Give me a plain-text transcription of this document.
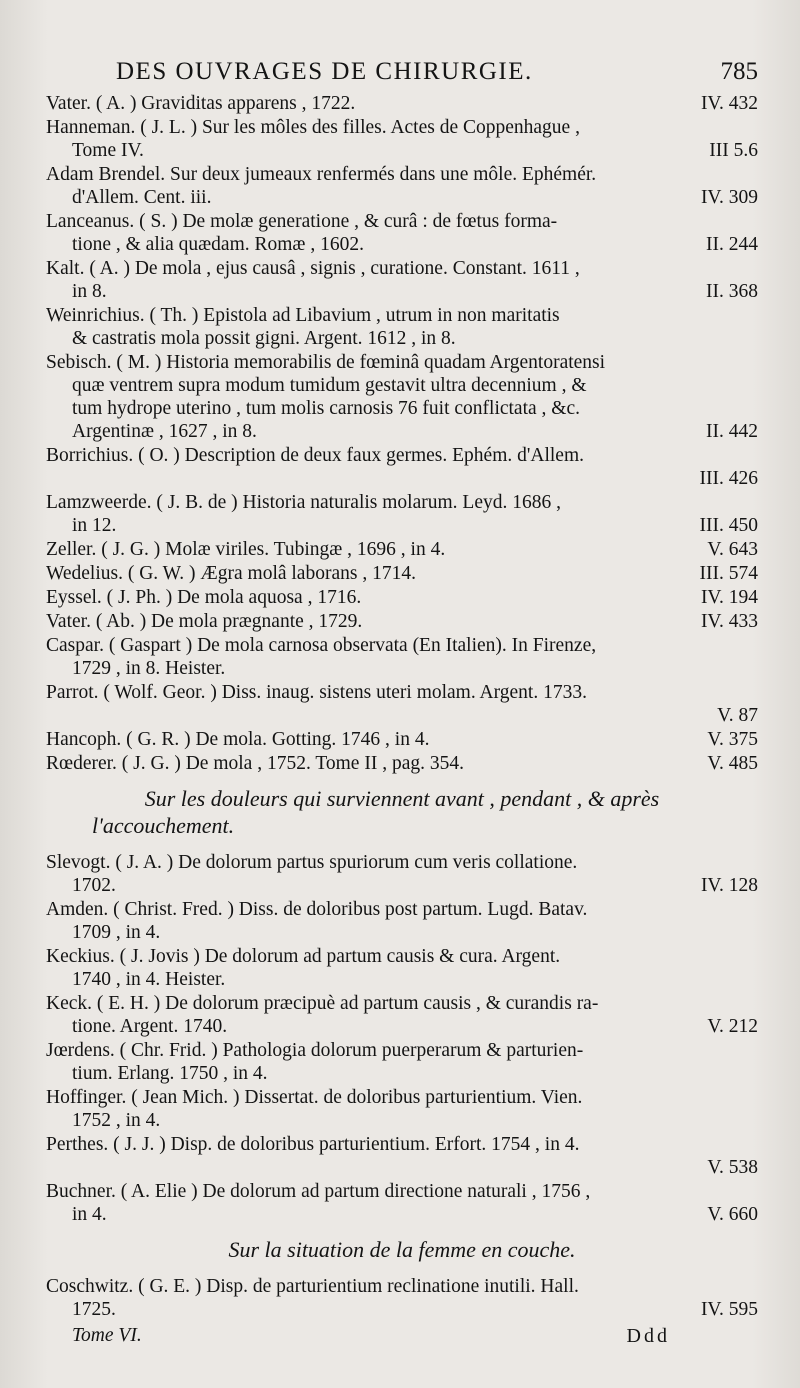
DES OUVRAGES DE CHIRURGIE.	785
Vater. ( A. ) Graviditas apparens , 1722.	IV. 432
Hanneman. ( J. L. ) Sur les môles des filles. Actes de Coppenhague ,
Tome IV.	III 5.6
Adam Brendel. Sur deux jumeaux renfermés dans une môle. Ephémér.
d'Allem. Cent. iii.	IV. 309
Lanceanus. ( S. ) De molæ generatione , & curâ : de fœtus forma-
tione , & alia quædam. Romæ , 1602.	II. 244
Kalt. ( A. ) De mola , ejus causâ , signis , curatione. Constant. 1611 ,
in 8.	II. 368
Weinrichius. ( Th. ) Epistola ad Libavium , utrum in non maritatis
& castratis mola possit gigni. Argent. 1612 , in 8.
Sebisch. ( M. ) Historia memorabilis de fœminâ quadam Argentoratensi
quæ ventrem supra modum tumidum gestavit ultra decennium , &
tum hydrope uterino , tum molis carnosis 76 fuit conflictata , &c.
Argentinæ , 1627 , in 8.	II. 442
Borrichius. ( O. ) Description de deux faux germes. Ephém. d'Allem.
III. 426
Lamzweerde. ( J. B. de ) Historia naturalis molarum. Leyd. 1686 ,
in 12.	III. 450
Zeller. ( J. G. ) Molæ viriles. Tubingæ , 1696 , in 4.	V. 643
Wedelius. ( G. W. ) Ægra molâ laborans , 1714.	III. 574
Eyssel. ( J. Ph. ) De mola aquosa , 1716.	IV. 194
Vater. ( Ab. ) De mola prægnante , 1729.	IV. 433
Caspar. ( Gaspart ) De mola carnosa observata (En Italien). In Firenze,
1729 , in 8. Heister.
Parrot. ( Wolf. Geor. ) Diss. inaug. sistens uteri molam. Argent. 1733.
V. 87
Hancoph. ( G. R. ) De mola. Gotting. 1746 , in 4.	V. 375
Rœderer. ( J. G. ) De mola , 1752. Tome II , pag. 354.	V. 485
Sur les douleurs qui surviennent avant , pendant , & après
l'accouchement.
Slevogt. ( J. A. ) De dolorum partus spuriorum cum veris collatione.
1702.	IV. 128
Amden. ( Christ. Fred. ) Diss. de doloribus post partum. Lugd. Batav.
1709 , in 4.
Keckius. ( J. Jovis ) De dolorum ad partum causis & cura. Argent.
1740 , in 4. Heister.
Keck. ( E. H. ) De dolorum præcipuè ad partum causis , & curandis ra-
tione. Argent. 1740.	V. 212
Jœrdens. ( Chr. Frid. ) Pathologia dolorum puerperarum & parturien-
tium. Erlang. 1750 , in 4.
Hoffinger. ( Jean Mich. ) Dissertat. de doloribus parturientium. Vien.
1752 , in 4.
Perthes. ( J. J. ) Disp. de doloribus parturientium. Erfort. 1754 , in 4.
V. 538
Buchner. ( A. Elie ) De dolorum ad partum directione naturali , 1756 ,
in 4.	V. 660
Sur la situation de la femme en couche.
Coschwitz. ( G. E. ) Disp. de parturientium reclinatione inutili. Hall.
1725.	IV. 595
Tome VI.	Ddd
